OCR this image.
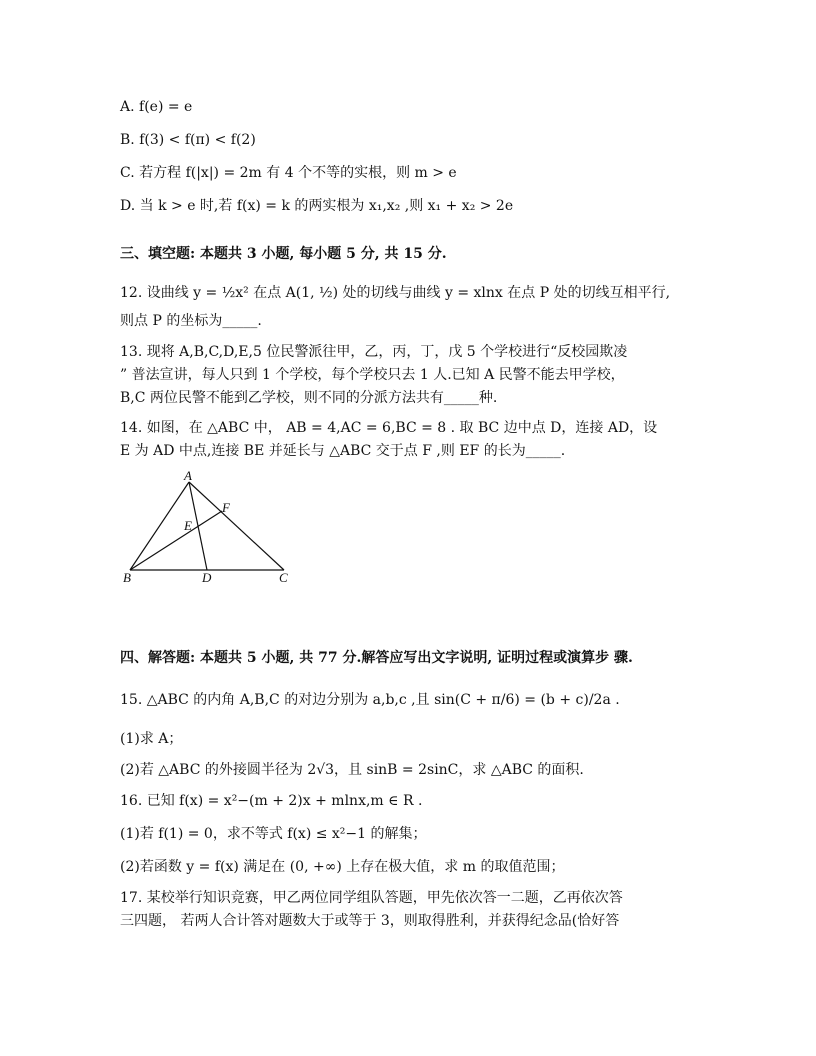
A. f(e) = e
B. f(3) < f(π) < f(2)
C. 若方程 f(|x|) = 2m 有 4 个不等的实根，则 m > e
D. 当 k > e 时,若 f(x) = k 的两实根为 x₁,x₂ ,则 x₁ + x₂ > 2e
三、填空题: 本题共 3 小题, 每小题 5 分, 共 15 分.
12. 设曲线 y = ½x² 在点 A(1, ½) 处的切线与曲线 y = xlnx 在点 P 处的切线互相平行,
则点 P 的坐标为_____.
13. 现将 A,B,C,D,E,5 位民警派往甲，乙，丙，丁，戊 5 个学校进行“反校园欺凌
” 普法宣讲，每人只到 1 个学校，每个学校只去 1 人.已知 A 民警不能去甲学校，
B,C 两位民警不能到乙学校，则不同的分派方法共有_____种.
14. 如图，在 △ABC 中， AB = 4,AC = 6,BC = 8 . 取 BC 边中点 D，连接 AD，设
E 为 AD 中点,连接 BE 并延长与 △ABC 交于点 F ,则 EF 的长为_____.
A
B	C
D
E
F
四、解答题: 本题共 5 小题, 共 77 分.解答应写出文字说明, 证明过程或演算步 骤.
15. △ABC 的内角 A,B,C 的对边分别为 a,b,c ,且 sin(C + π/6) = (b + c)/2a .
(1)求 A；
(2)若 △ABC 的外接圆半径为 2√3，且 sinB = 2sinC，求 △ABC 的面积.
16. 已知 f(x) = x²−(m + 2)x + mlnx,m ∈ R .
(1)若 f(1) = 0，求不等式 f(x) ≤ x²−1 的解集；
(2)若函数 y = f(x) 满足在 (0, +∞) 上存在极大值，求 m 的取值范围；
17. 某校举行知识竞赛，甲乙两位同学组队答题，甲先依次答一二题，乙再依次答
三四题， 若两人合计答对题数大于或等于 3，则取得胜利，并获得纪念品(恰好答
